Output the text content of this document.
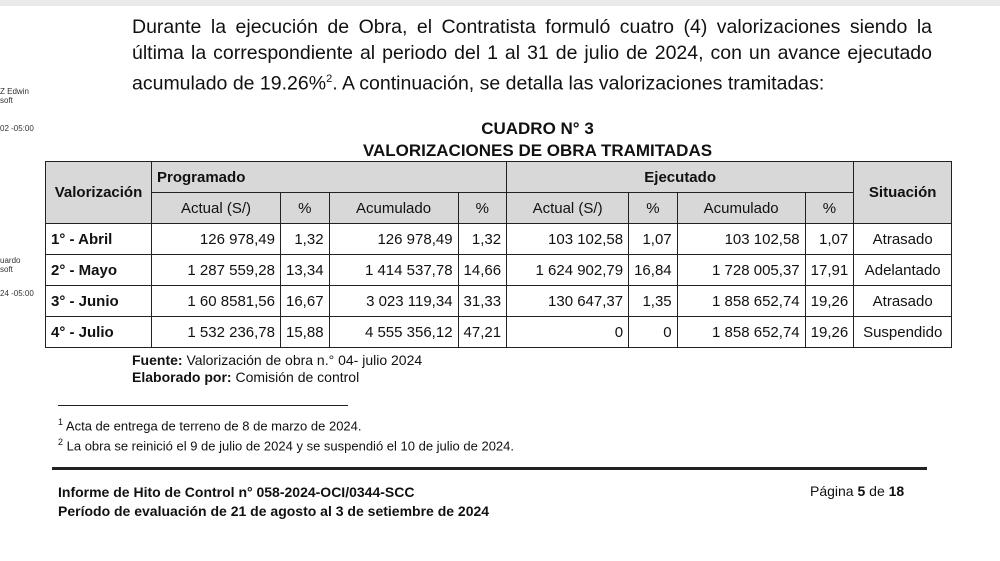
Z Edwin
soft
02 -05:00
uardo
soft
24 -05:00
Durante la ejecución de Obra, el Contratista formuló cuatro (4) valorizaciones siendo la última la correspondiente al periodo del 1 al 31 de julio de 2024, con un avance ejecutado acumulado de 19.26%$^2$. A continuación, se detalla las valorizaciones tramitadas:
CUADRO N° 3
VALORIZACIONES DE OBRA TRAMITADAS
Valorización	Programado				Ejecutado				Situación
	Actual (S/)	%	Acumulado	%	Actual (S/)	%	Acumulado	%	
1° - Abril	126 978,49	1,32	126 978,49	1,32	103 102,58	1,07	103 102,58	1,07	Atrasado
2° - Mayo	1 287 559,28	13,34	1 414 537,78	14,66	1 624 902,79	16,84	1 728 005,37	17,91	Adelantado
3° - Junio	1 60 8581,56	16,67	3 023 119,34	31,33	130 647,37	1,35	1 858 652,74	19,26	Atrasado
4° - Julio	1 532 236,78	15,88	4 555 356,12	47,21	0	0	1 858 652,74	19,26	Suspendido
Fuente: Valorización de obra n.° 04- julio 2024
Elaborado por: Comisión de control
$^1$ Acta de entrega de terreno de 8 de marzo de 2024.
$^2$ La obra se reinició el 9 de julio de 2024 y se suspendió el 10 de julio de 2024.
Informe de Hito de Control n° 058-2024-OCI/0344-SCC
Período de evaluación de 21 de agosto al 3 de setiembre de 2024
Página 5 de 18
